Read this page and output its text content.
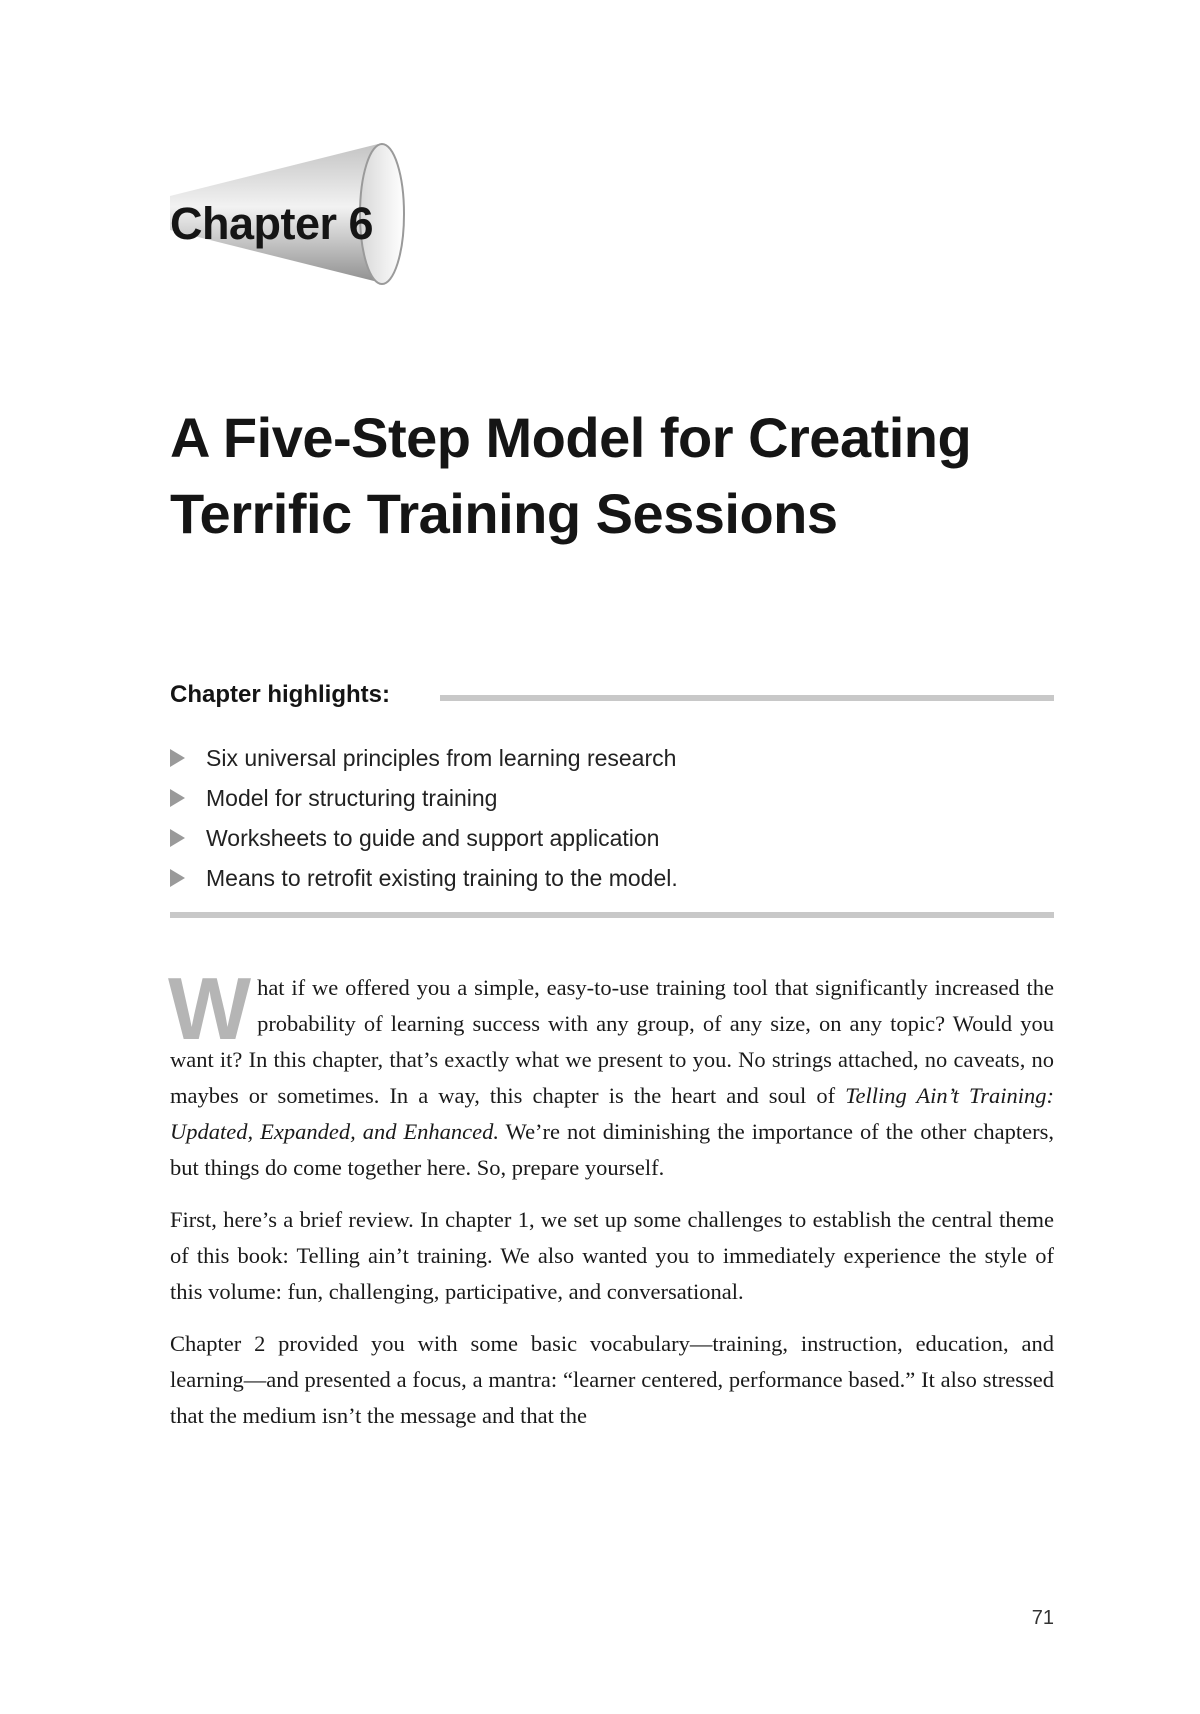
Chapter 6
A Five-Step Model for Creating Terrific Training Sessions
Chapter highlights:
Six universal principles from learning research
Model for structuring training
Worksheets to guide and support application
Means to retrofit existing training to the model.

What if we offered you a simple, easy-to-use training tool that significantly increased the probability of learning success with any group, of any size, on any topic? Would you want it? In this chapter, that’s exactly what we present to you. No strings attached, no caveats, no maybes or sometimes. In a way, this chapter is the heart and soul of Telling Ain’t Training: Updated, Expanded, and Enhanced. We’re not diminishing the importance of the other chapters, but things do come together here. So, prepare yourself.

First, here’s a brief review. In chapter 1, we set up some challenges to establish the central theme of this book: Telling ain’t training. We also wanted you to immediately experience the style of this volume: fun, challenging, participative, and conversational.

Chapter 2 provided you with some basic vocabulary—training, instruction, education, and learning—and presented a focus, a mantra: “learner centered, performance based.” It also stressed that the medium isn’t the message and that the

71
